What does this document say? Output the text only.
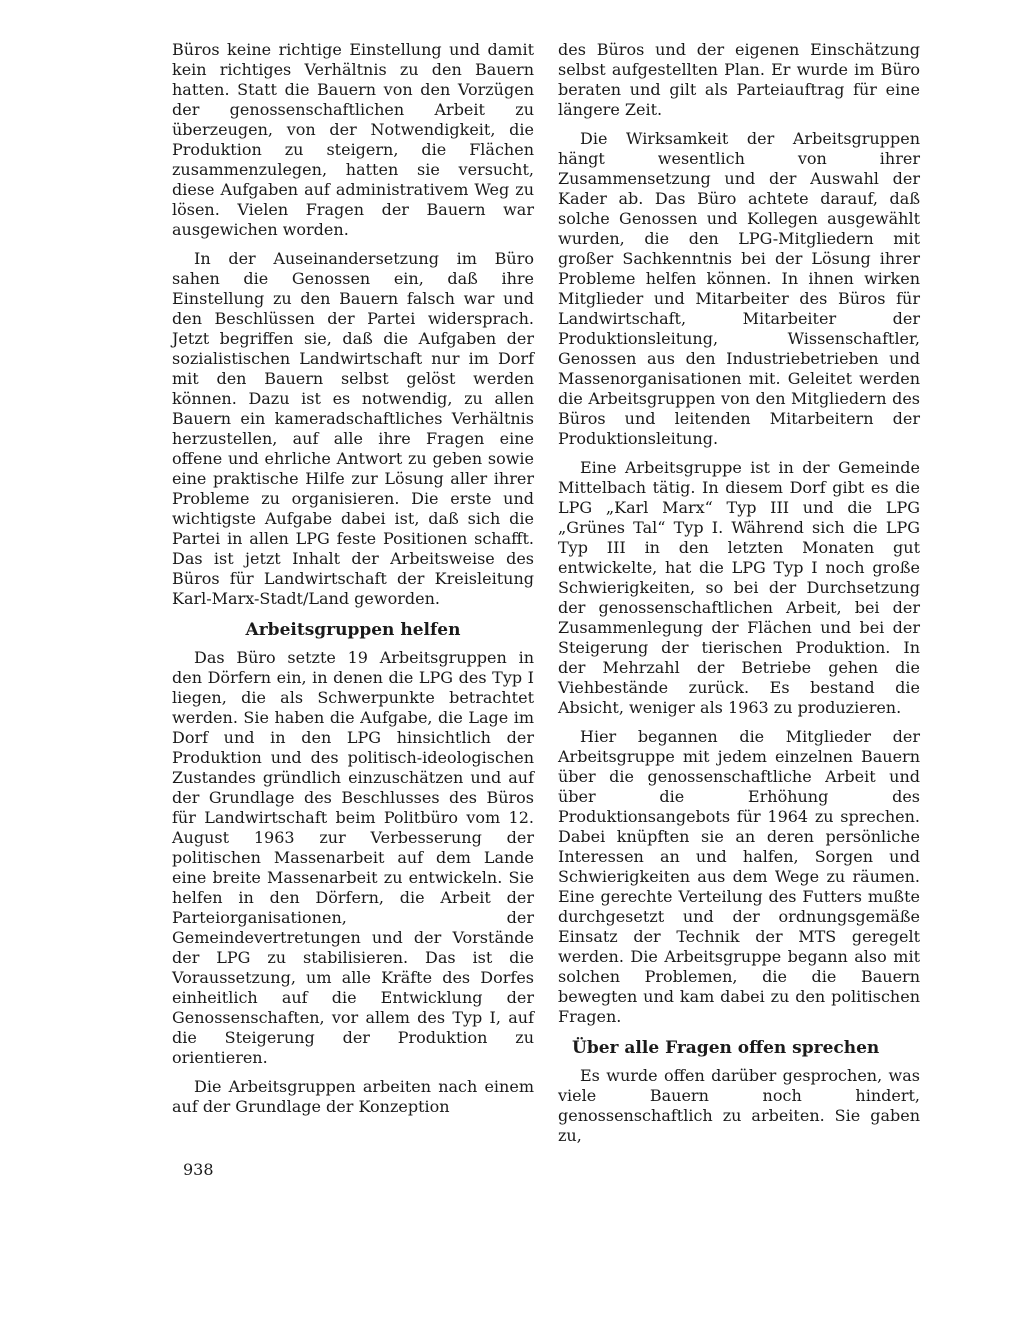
Büros keine richtige Einstellung und damit kein richtiges Verhältnis zu den Bauern hatten. Statt die Bauern von den Vorzügen der genossenschaftlichen Arbeit zu überzeugen, von der Notwendigkeit, die Produktion zu steigern, die Flächen zusammenzulegen, hatten sie versucht, diese Aufgaben auf administrativem Weg zu lösen. Vielen Fragen der Bauern war ausgewichen worden.

In der Auseinandersetzung im Büro sahen die Genossen ein, daß ihre Einstellung zu den Bauern falsch war und den Beschlüssen der Partei widersprach. Jetzt begriffen sie, daß die Aufgaben der sozialistischen Landwirtschaft nur im Dorf mit den Bauern selbst gelöst werden können. Dazu ist es notwendig, zu allen Bauern ein kameradschaftliches Verhältnis herzustellen, auf alle ihre Fragen eine offene und ehrliche Antwort zu geben sowie eine praktische Hilfe zur Lösung aller ihrer Probleme zu organisieren. Die erste und wichtigste Aufgabe dabei ist, daß sich die Partei in allen LPG feste Positionen schafft. Das ist jetzt Inhalt der Arbeitsweise des Büros für Landwirtschaft der Kreisleitung Karl-Marx-Stadt/Land geworden.

Arbeitsgruppen helfen

Das Büro setzte 19 Arbeitsgruppen in den Dörfern ein, in denen die LPG des Typ I liegen, die als Schwerpunkte betrachtet werden. Sie haben die Aufgabe, die Lage im Dorf und in den LPG hinsichtlich der Produktion und des politisch-ideologischen Zustandes gründlich einzuschätzen und auf der Grundlage des Beschlusses des Büros für Landwirtschaft beim Politbüro vom 12. August 1963 zur Verbesserung der politischen Massenarbeit auf dem Lande eine breite Massenarbeit zu entwickeln. Sie helfen in den Dörfern, die Arbeit der Parteiorganisationen, der Gemeindevertretungen und der Vorstände der LPG zu stabilisieren. Das ist die Voraussetzung, um alle Kräfte des Dorfes einheitlich auf die Entwicklung der Genossenschaften, vor allem des Typ I, auf die Steigerung der Produktion zu orientieren.

Die Arbeitsgruppen arbeiten nach einem auf der Grundlage der Konzeption

des Büros und der eigenen Einschätzung selbst aufgestellten Plan. Er wurde im Büro beraten und gilt als Parteiauftrag für eine längere Zeit.

Die Wirksamkeit der Arbeitsgruppen hängt wesentlich von ihrer Zusammensetzung und der Auswahl der Kader ab. Das Büro achtete darauf, daß solche Genossen und Kollegen ausgewählt wurden, die den LPG-Mitgliedern mit großer Sachkenntnis bei der Lösung ihrer Probleme helfen können. In ihnen wirken Mitglieder und Mitarbeiter des Büros für Landwirtschaft, Mitarbeiter der Produktionsleitung, Wissenschaftler, Genossen aus den Industriebetrieben und Massenorganisationen mit. Geleitet werden die Arbeitsgruppen von den Mitgliedern des Büros und leitenden Mitarbeitern der Produktionsleitung.

Eine Arbeitsgruppe ist in der Gemeinde Mittelbach tätig. In diesem Dorf gibt es die LPG „Karl Marx“ Typ III und die LPG „Grünes Tal“ Typ I. Während sich die LPG Typ III in den letzten Monaten gut entwickelte, hat die LPG Typ I noch große Schwierigkeiten, so bei der Durchsetzung der genossenschaftlichen Arbeit, bei der Zusammenlegung der Flächen und bei der Steigerung der tierischen Produktion. In der Mehrzahl der Betriebe gehen die Viehbestände zurück. Es bestand die Absicht, weniger als 1963 zu produzieren.

Hier begannen die Mitglieder der Arbeitsgruppe mit jedem einzelnen Bauern über die genossenschaftliche Arbeit und über die Erhöhung des Produktionsangebots für 1964 zu sprechen. Dabei knüpften sie an deren persönliche Interessen an und halfen, Sorgen und Schwierigkeiten aus dem Wege zu räumen. Eine gerechte Verteilung des Futters mußte durchgesetzt und der ordnungsgemäße Einsatz der Technik der MTS geregelt werden. Die Arbeitsgruppe begann also mit solchen Problemen, die die Bauern bewegten und kam dabei zu den politischen Fragen.

Über alle Fragen offen sprechen

Es wurde offen darüber gesprochen, was viele Bauern noch hindert, genossenschaftlich zu arbeiten. Sie gaben zu,

938
